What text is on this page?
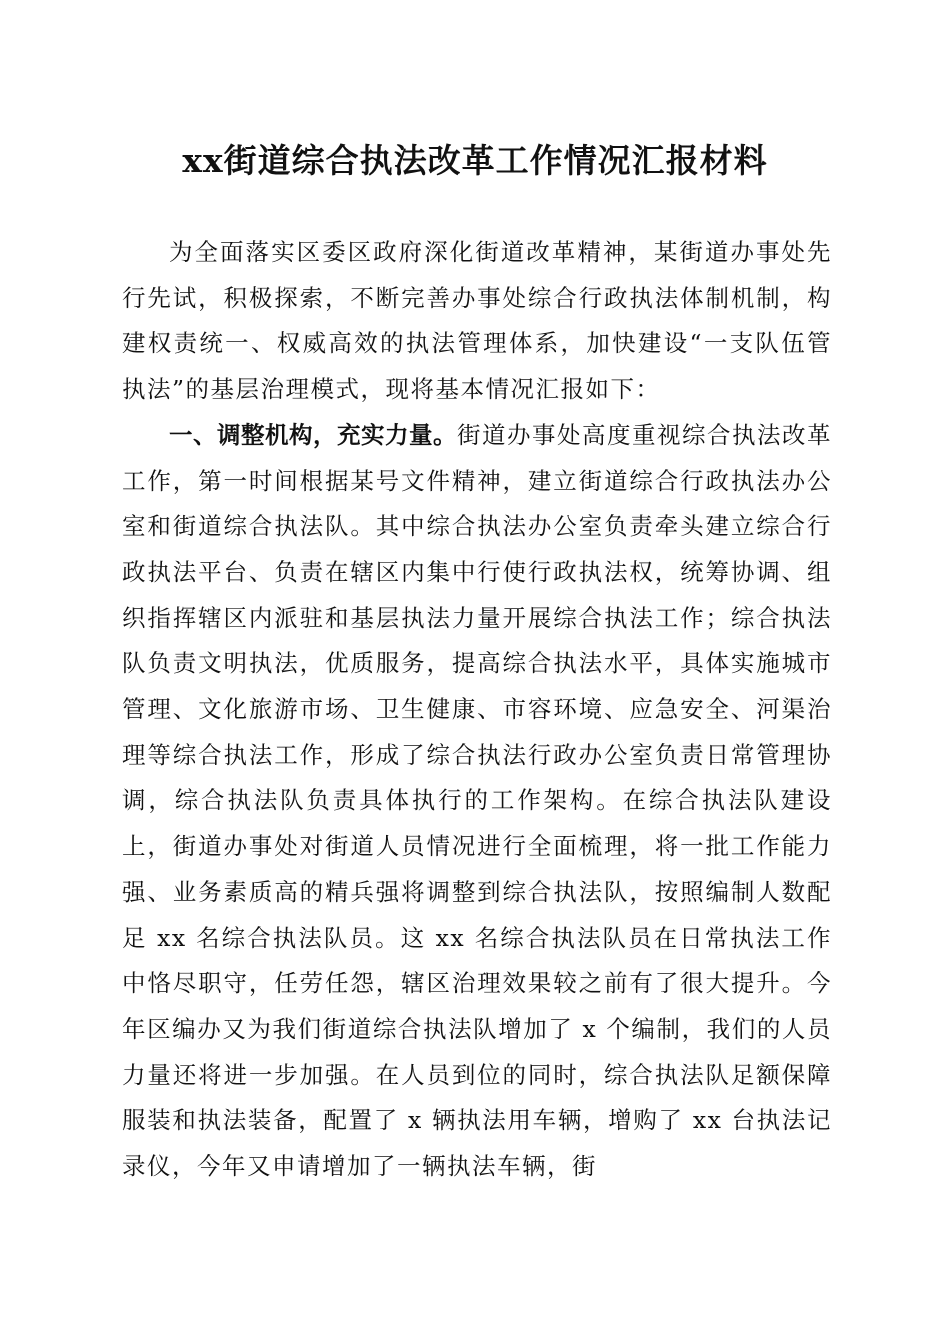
xx街道综合执法改革工作情况汇报材料

为全面落实区委区政府深化街道改革精神，某街道办事处先行先试，积极探索，不断完善办事处综合行政执法体制机制，构建权责统一、权威高效的执法管理体系，加快建设“一支队伍管执法”的基层治理模式，现将基本情况汇报如下：

一、调整机构，充实力量。街道办事处高度重视综合执法改革工作，第一时间根据某号文件精神，建立街道综合行政执法办公室和街道综合执法队。其中综合执法办公室负责牵头建立综合行政执法平台、负责在辖区内集中行使行政执法权，统筹协调、组织指挥辖区内派驻和基层执法力量开展综合执法工作；综合执法队负责文明执法，优质服务，提高综合执法水平，具体实施城市管理、文化旅游市场、卫生健康、市容环境、应急安全、河渠治理等综合执法工作，形成了综合执法行政办公室负责日常管理协调，综合执法队负责具体执行的工作架构。在综合执法队建设上，街道办事处对街道人员情况进行全面梳理，将一批工作能力强、业务素质高的精兵强将调整到综合执法队，按照编制人数配足 xx 名综合执法队员。这 xx 名综合执法队员在日常执法工作中恪尽职守，任劳任怨，辖区治理效果较之前有了很大提升。今年区编办又为我们街道综合执法队增加了 x 个编制，我们的人员力量还将进一步加强。在人员到位的同时，综合执法队足额保障服装和执法装备，配置了 x 辆执法用车辆，增购了 xx 台执法记录仪，今年又申请增加了一辆执法车辆，街
